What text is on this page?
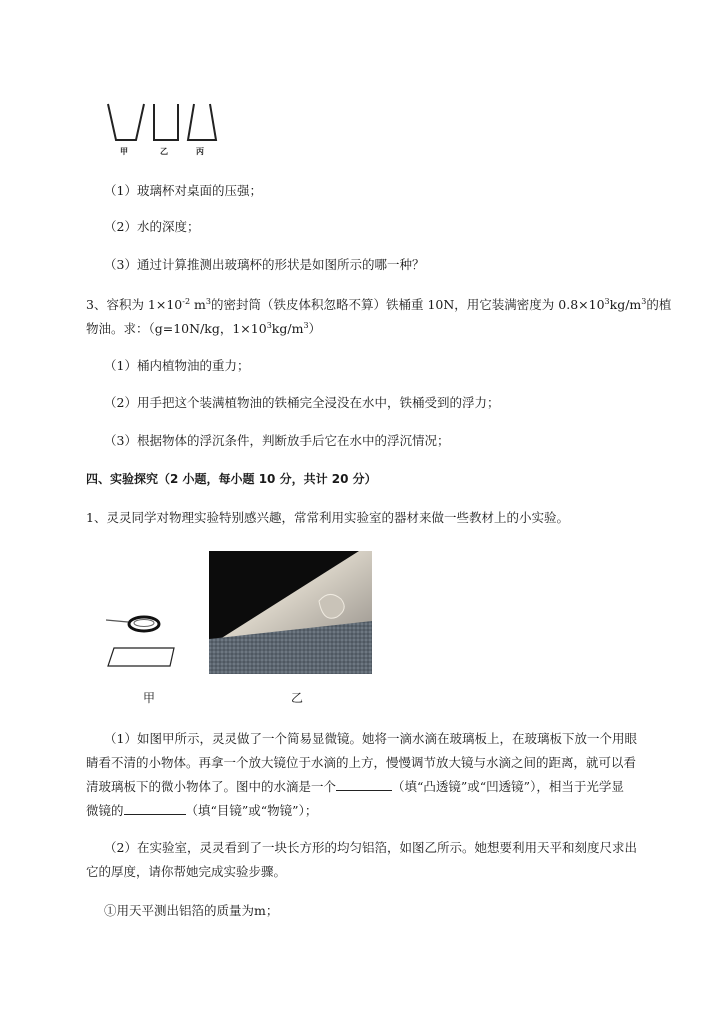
甲	乙	丙
（1）玻璃杯对桌面的压强；
（2）水的深度；
（3）通过计算推测出玻璃杯的形状是如图所示的哪一种？
3、容积为 $1\times 10^{-2}$ $m^3$的密封筒（铁皮体积忽略不算）铁桶重 10N，用它装满密度为 $0.8\times 10^3kg/m^3$的植
物油。求：（g=10N/kg，$1\times 10^3kg/m^3$）
（1）桶内植物油的重力；
（2）用手把这个装满植物油的铁桶完全浸没在水中，铁桶受到的浮力；
（3）根据物体的浮沉条件，判断放手后它在水中的浮沉情况；
四、实验探究（2 小题，每小题 10 分，共计 20 分）
1、灵灵同学对物理实验特别感兴趣，常常利用实验室的器材来做一些教材上的小实验。
甲	乙
（1）如图甲所示，灵灵做了一个简易显微镜。她将一滴水滴在玻璃板上，在玻璃板下放一个用眼
睛看不清的小物体。再拿一个放大镜位于水滴的上方，慢慢调节放大镜与水滴之间的距离，就可以看
清玻璃板下的微小物体了。图中的水滴是一个	（填“凸透镜”或“凹透镜”），相当于光学显
微镜的	（填“目镜”或“物镜”）；
（2）在实验室，灵灵看到了一块长方形的均匀铝箔，如图乙所示。她想要利用天平和刻度尺求出
它的厚度，请你帮她完成实验步骤。
①用天平测出铝箔的质量为m；
